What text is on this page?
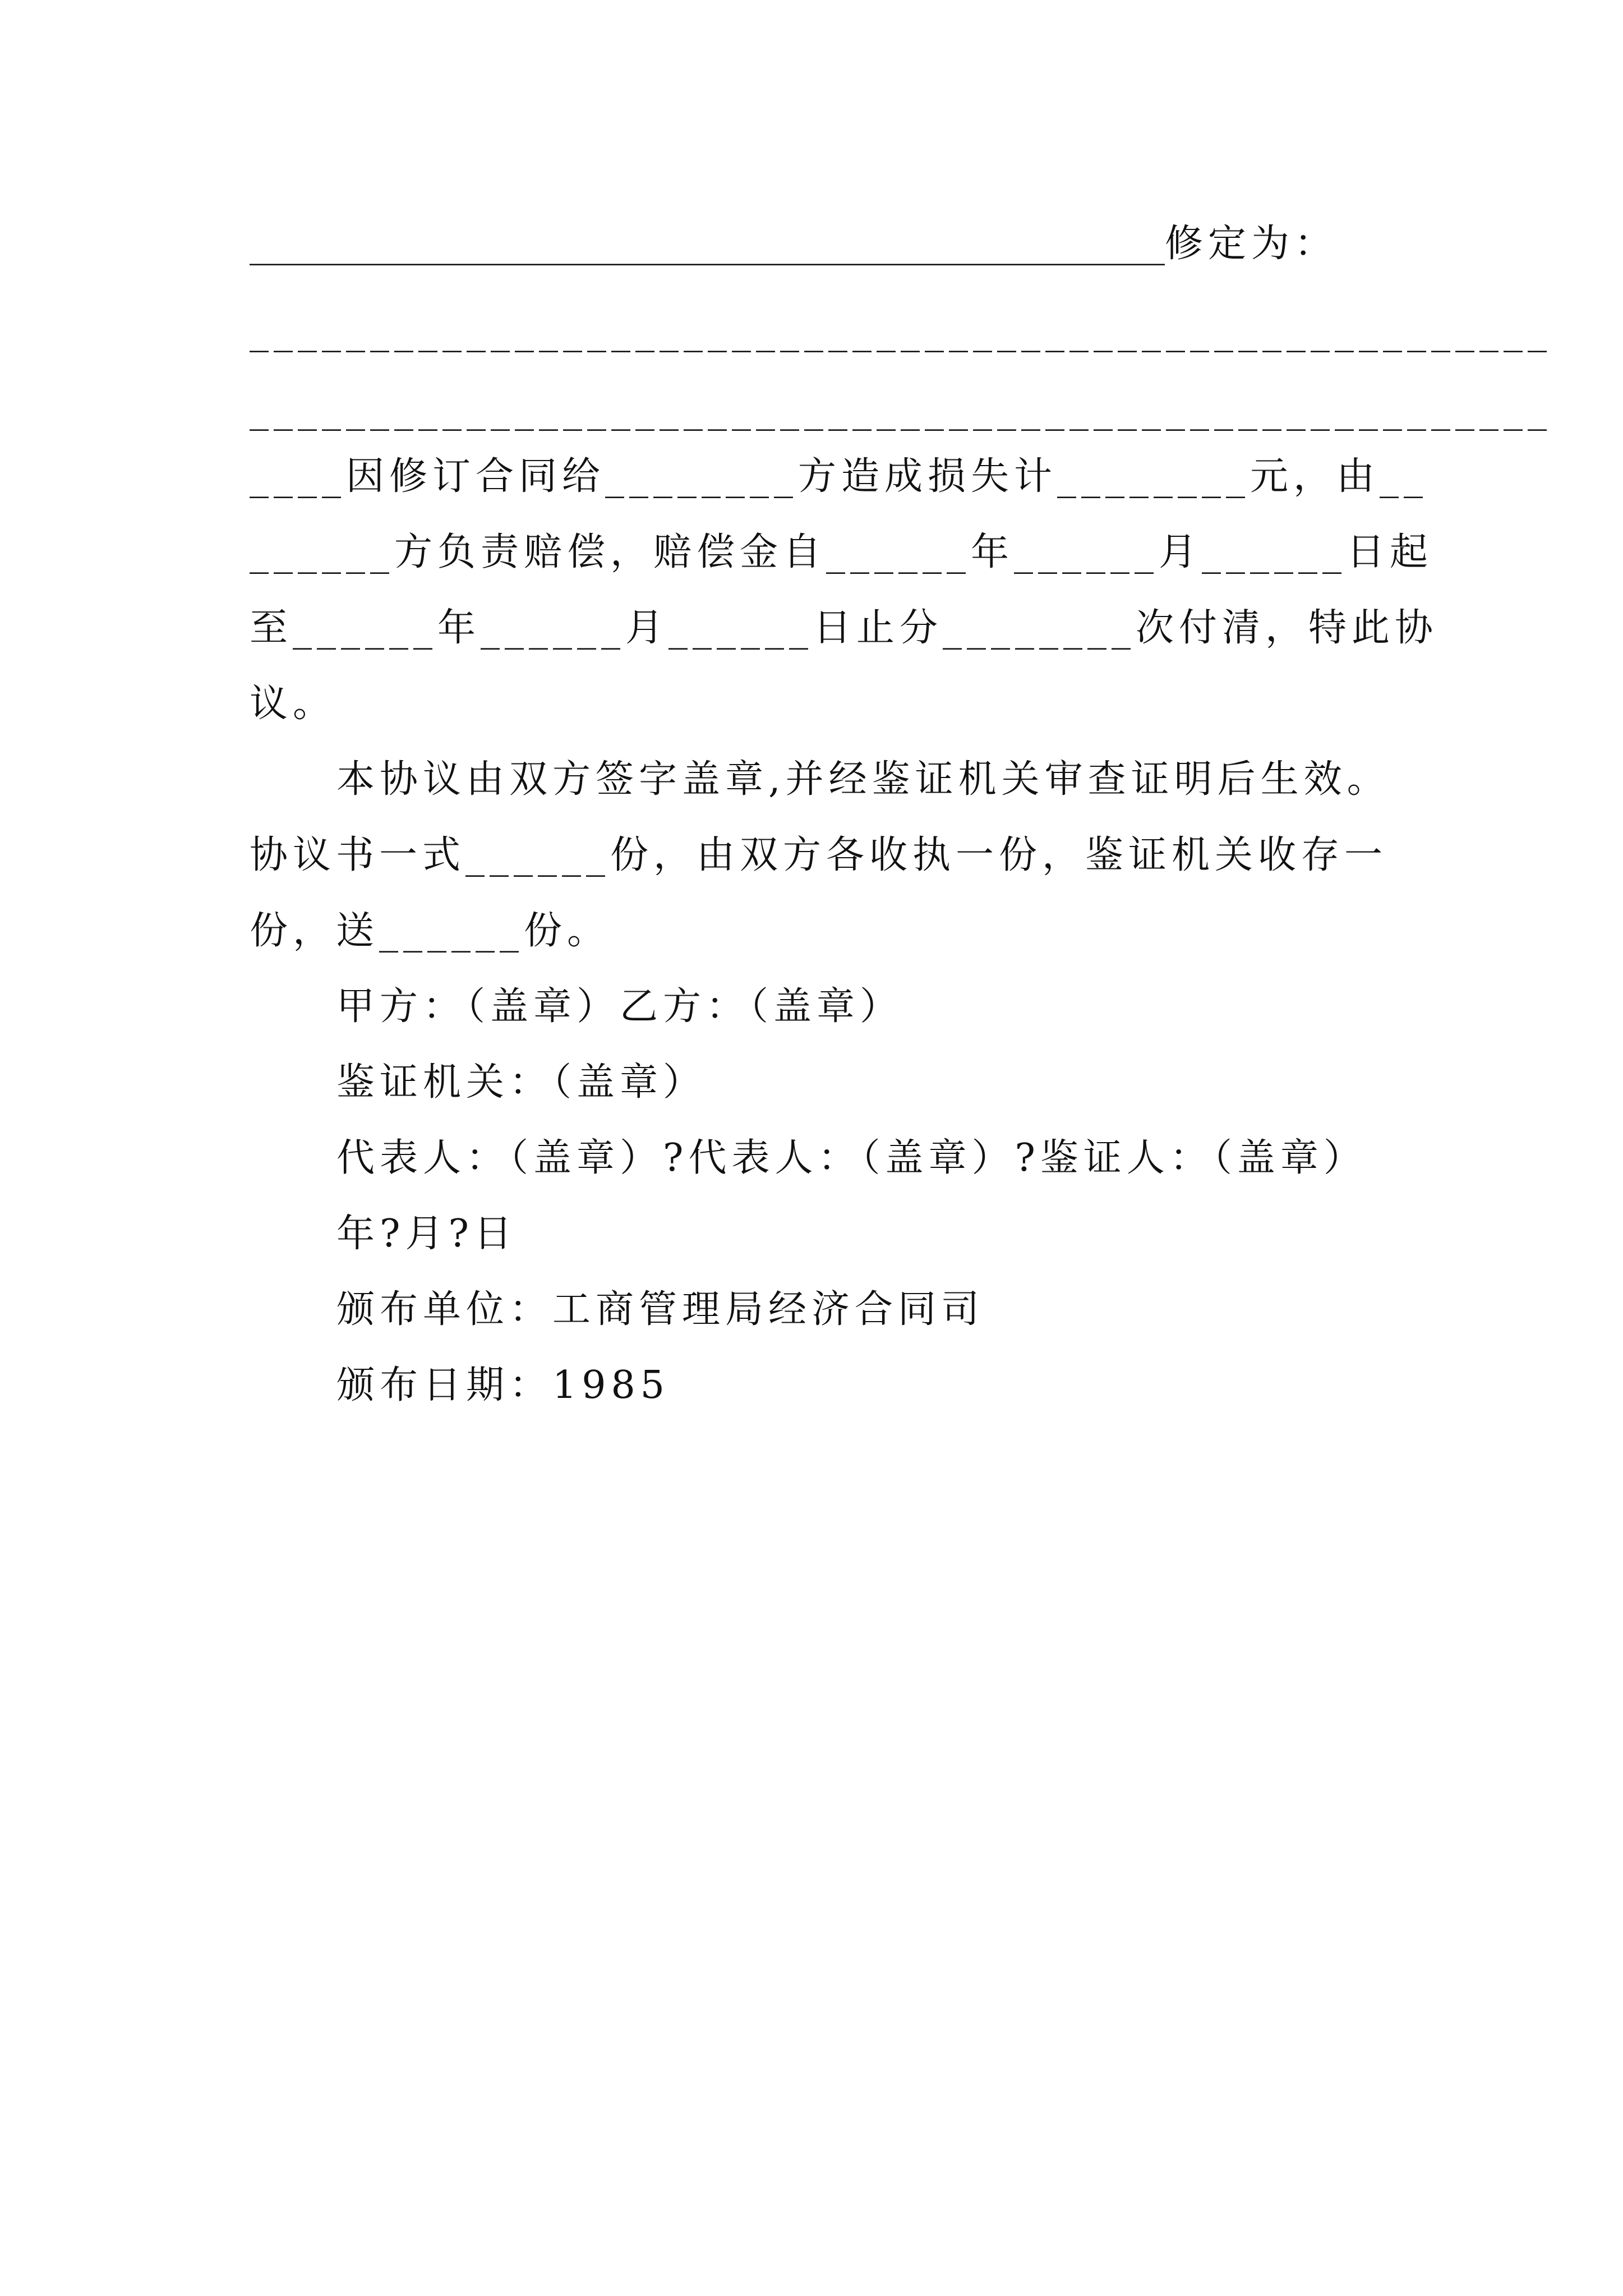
________________________________________________修定为：
______________________________________________________
______________________________________________________
____因修订合同给________方造成损失计________元，由__
______方负责赔偿，赔偿金自______年______月______日起
至______年______月______日止分________次付清，特此协
议。
本协议由双方签字盖章,并经鉴证机关审查证明后生效。
协议书一式______份，由双方各收执一份，鉴证机关收存一
份，送______份。
甲方：（盖章）乙方：（盖章）
鉴证机关：（盖章）
代表人：（盖章）?代表人：（盖章）?鉴证人：（盖章）
年?月?日
颁布单位：工商管理局经济合同司
颁布日期：1985
